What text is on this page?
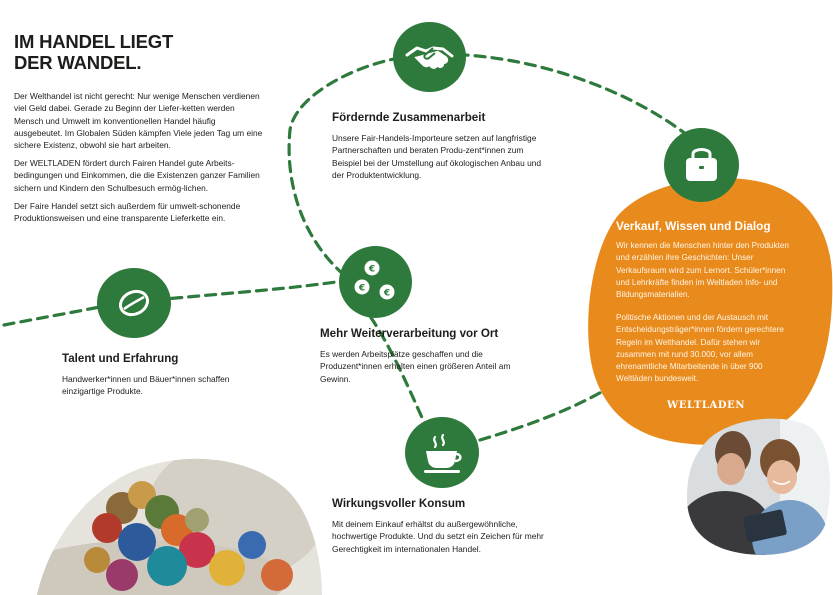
IM HANDEL LIEGT
DER WANDEL.

Der Welthandel ist nicht gerecht: Nur wenige Menschen verdienen viel Geld dabei. Gerade zu Beginn der Liefer-ketten werden Mensch und Umwelt im konventionellen Handel häufig ausgebeutet. Im Globalen Süden kämpfen Viele jeden Tag um eine sichere Existenz, obwohl sie hart arbeiten.

Der WELTLADEN fördert durch Fairen Handel gute Arbeits-bedingungen und Einkommen, die die Existenzen ganzer Familien sichern und Kindern den Schulbesuch ermög-lichen.

Der Faire Handel setzt sich außerdem für umwelt-schonende Produktionsweisen und eine transparente Lieferkette ein.

Talent und Erfahrung
Handwerker*innen und Bäuer*innen schaffen einzigartige Produkte.
Fördernde Zusammenarbeit
Unsere Fair-Handels-Importeure setzen auf langfristige Partnerschaften und beraten Produ-zent*innen zum Beispiel bei der Umstellung auf ökologischen Anbau und der Produktentwicklung.
€
€ €
Mehr Weiterverarbeitung vor Ort
Es werden Arbeitsplätze geschaffen und die Produzent*innen erhalten einen größeren Anteil am Gewinn.
Wirkungsvoller Konsum
Mit deinem Einkauf erhältst du außergewöhnliche, hochwertige Produkte. Und du setzt ein Zeichen für mehr Gerechtigkeit im internationalen Handel.
Verkauf, Wissen und Dialog
Wir kennen die Menschen hinter den Produkten und erzählen ihre Geschichten: Unser Verkaufsraum wird zum Lernort. Schüler*innen und Lehrkräfte finden im Weltladen Info- und Bildungsmaterialien.
Politische Aktionen und der Austausch mit Entscheidungsträger*innen fördern gerechtere Regeln im Welthandel. Dafür stehen wir zusammen mit rund 30.000, vor allem ehrenamtliche Mitarbeitende in über 900 Weltläden bundesweit.
WELTLADEN
